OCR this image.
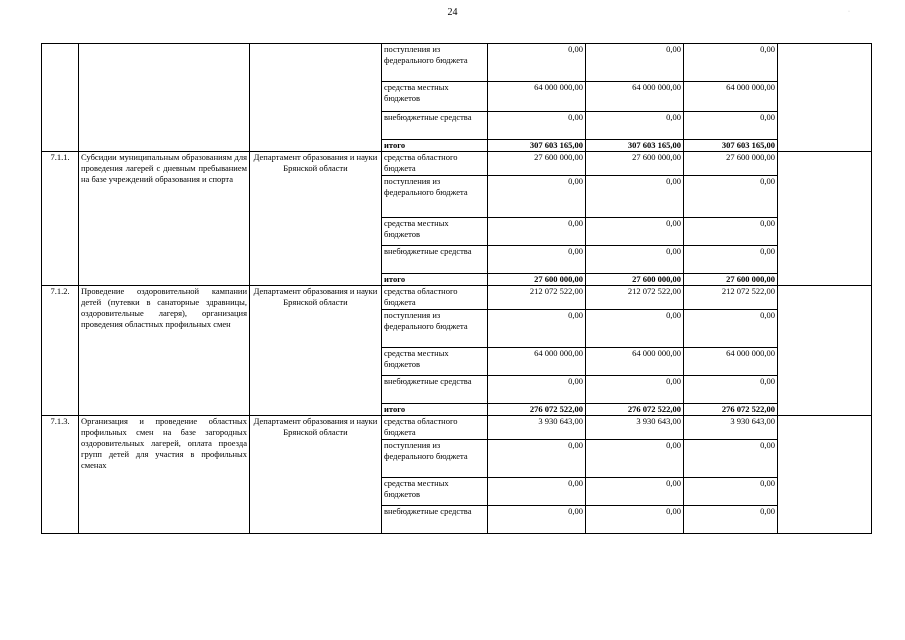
24	·
			поступления из федерального бюджета	0,00	0,00	0,00	
			средства местных бюджетов	64 000 000,00	64 000 000,00	64 000 000,00	
			внебюджетные средства	0,00	0,00	0,00	
			итого	307 603 165,00	307 603 165,00	307 603 165,00	
7.1.1.	Субсидии муниципальным образованиям для проведения лагерей с дневным пребыванием на базе учреждений образования и спорта	Департамент образования и науки Брянской области	средства областного бюджета	27 600 000,00	27 600 000,00	27 600 000,00	
			поступления из федерального бюджета	0,00	0,00	0,00	
			средства местных бюджетов	0,00	0,00	0,00	
			внебюджетные средства	0,00	0,00	0,00	
			итого	27 600 000,00	27 600 000,00	27 600 000,00	
7.1.2.	Проведение оздоровительной кампании детей (путевки в санаторные здравницы, оздоровительные лагеря), организация проведения областных профильных смен	Департамент образования и науки Брянской области	средства областного бюджета	212 072 522,00	212 072 522,00	212 072 522,00	
			поступления из федерального бюджета	0,00	0,00	0,00	
			средства местных бюджетов	64 000 000,00	64 000 000,00	64 000 000,00	
			внебюджетные средства	0,00	0,00	0,00	
			итого	276 072 522,00	276 072 522,00	276 072 522,00	
7.1.3.	Организация и проведение областных профильных смен на базе загородных оздоровительных лагерей, оплата проезда групп детей для участия в профильных сменах	Департамент образования и науки Брянской области	средства областного бюджета	3 930 643,00	3 930 643,00	3 930 643,00	
			поступления из федерального бюджета	0,00	0,00	0,00	
			средства местных бюджетов	0,00	0,00	0,00	
			внебюджетные средства	0,00	0,00	0,00	
